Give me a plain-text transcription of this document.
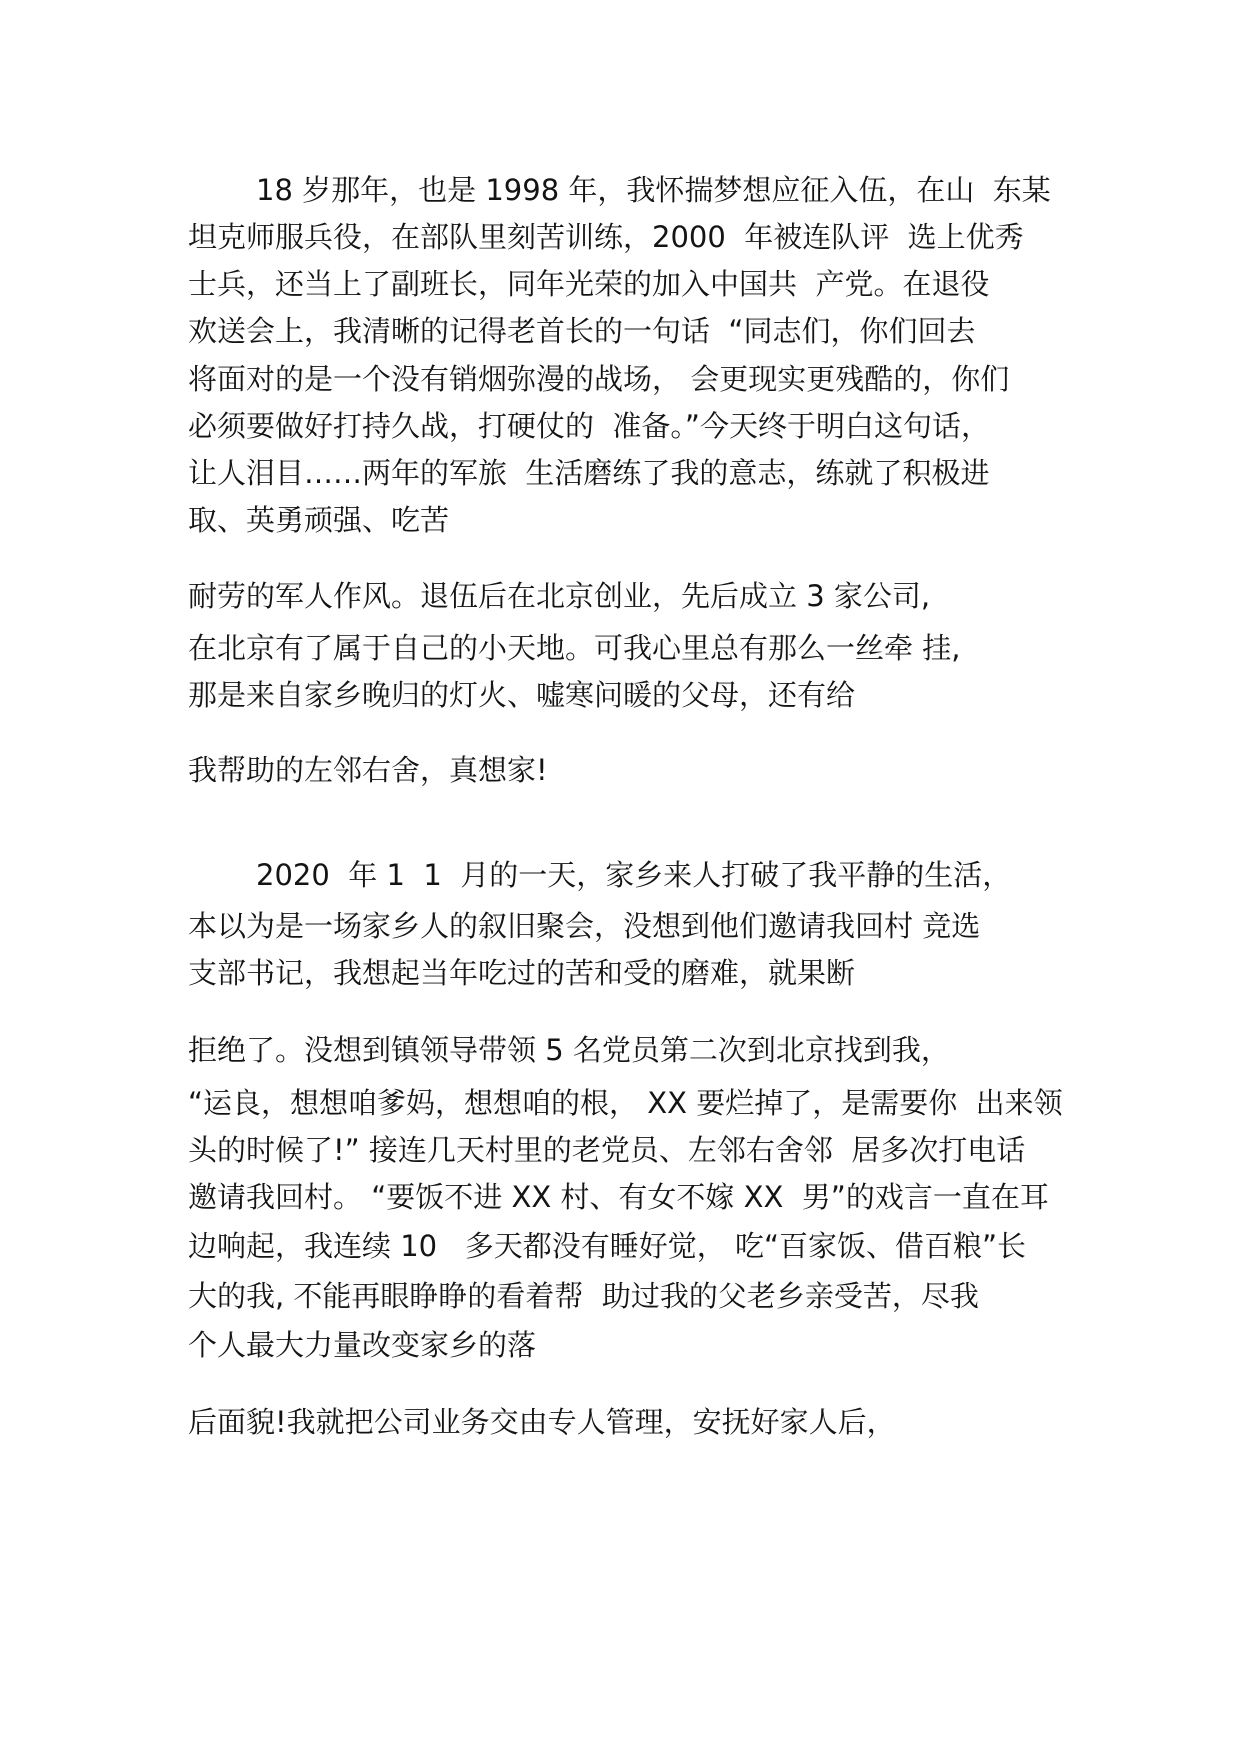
18 岁那年，也是 1998 年，我怀揣梦想应征入伍，在山  东某

坦克师服兵役，在部队里刻苦训练，2000  年被连队评  选上优秀

士兵，还当上了副班长，同年光荣的加入中国共  产党。在退役

欢送会上，我清晰的记得老首长的一句话  “同志们，你们回去

将面对的是一个没有销烟弥漫的战场， 会更现实更残酷的，你们

必须要做好打持久战，打硬仗的  准备。”今天终于明白这句话，

让人泪目……两年的军旅  生活磨练了我的意志，练就了积极进

取、英勇顽强、吃苦

耐劳的军人作风。退伍后在北京创业，先后成立 3 家公司,

在北京有了属于自己的小天地。可我心里总有那么一丝牵 挂,

那是来自家乡晚归的灯火、嘘寒问暖的父母，还有给

我帮助的左邻右舍，真想家!

2020  年 1  1  月的一天，家乡来人打破了我平静的生活，

本以为是一场家乡人的叙旧聚会，没想到他们邀请我回村 竞选

支部书记，我想起当年吃过的苦和受的磨难，就果断

拒绝了。没想到镇领导带领 5 名党员第二次到北京找到我，

“运良，想想咱爹妈，想想咱的根， XX 要烂掉了，是需要你  出来领

头的时候了!” 接连几天村里的老党员、左邻右舍邻  居多次打电话

邀请我回村。 “要饭不进 XX 村、有女不嫁 XX  男”的戏言一直在耳

边响起，我连续 10   多天都没有睡好觉， 吃“百家饭、借百粮”长

大的我, 不能再眼睁睁的看着帮  助过我的父老乡亲受苦，尽我

个人最大力量改变家乡的落

后面貌!我就把公司业务交由专人管理，安抚好家人后，
